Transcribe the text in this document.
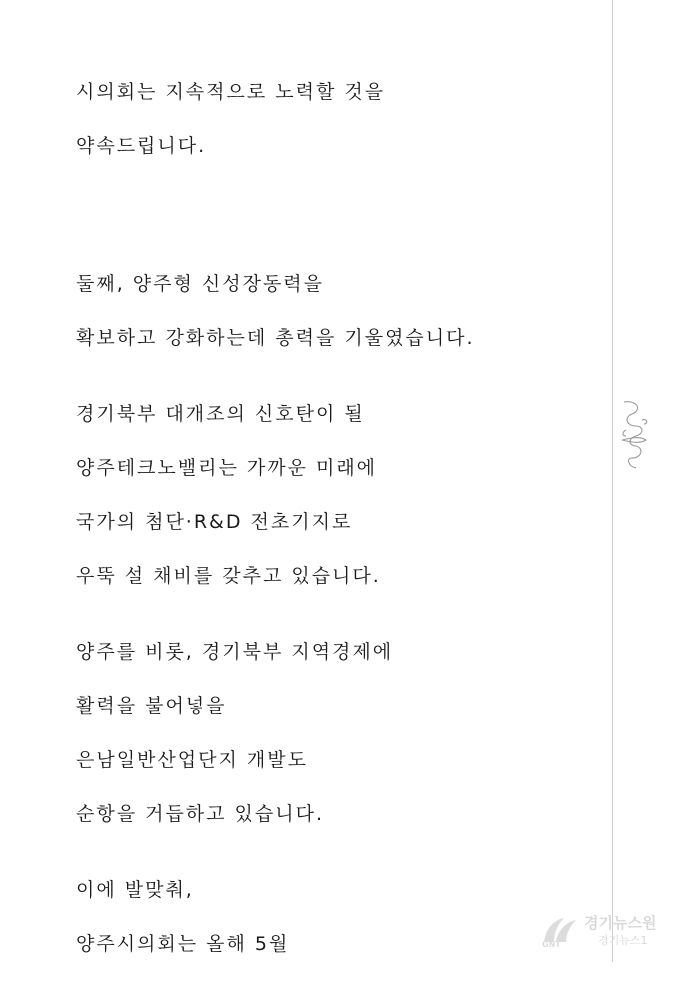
시의회는 지속적으로 노력할 것을
약속드립니다.
둘째, 양주형 신성장동력을
확보하고 강화하는데 총력을 기울였습니다.
경기북부 대개조의 신호탄이 될
양주테크노밸리는 가까운 미래에
국가의 첨단·R&D 전초기지로
우뚝 설 채비를 갖추고 있습니다.
양주를 비롯, 경기북부 지역경제에
활력을 불어넣을
은남일반산업단지 개발도
순항을 거듭하고 있습니다.
이에 발맞춰,
양주시의회는 올해 5월	GNT
경기뉴스원
경기뉴스1
